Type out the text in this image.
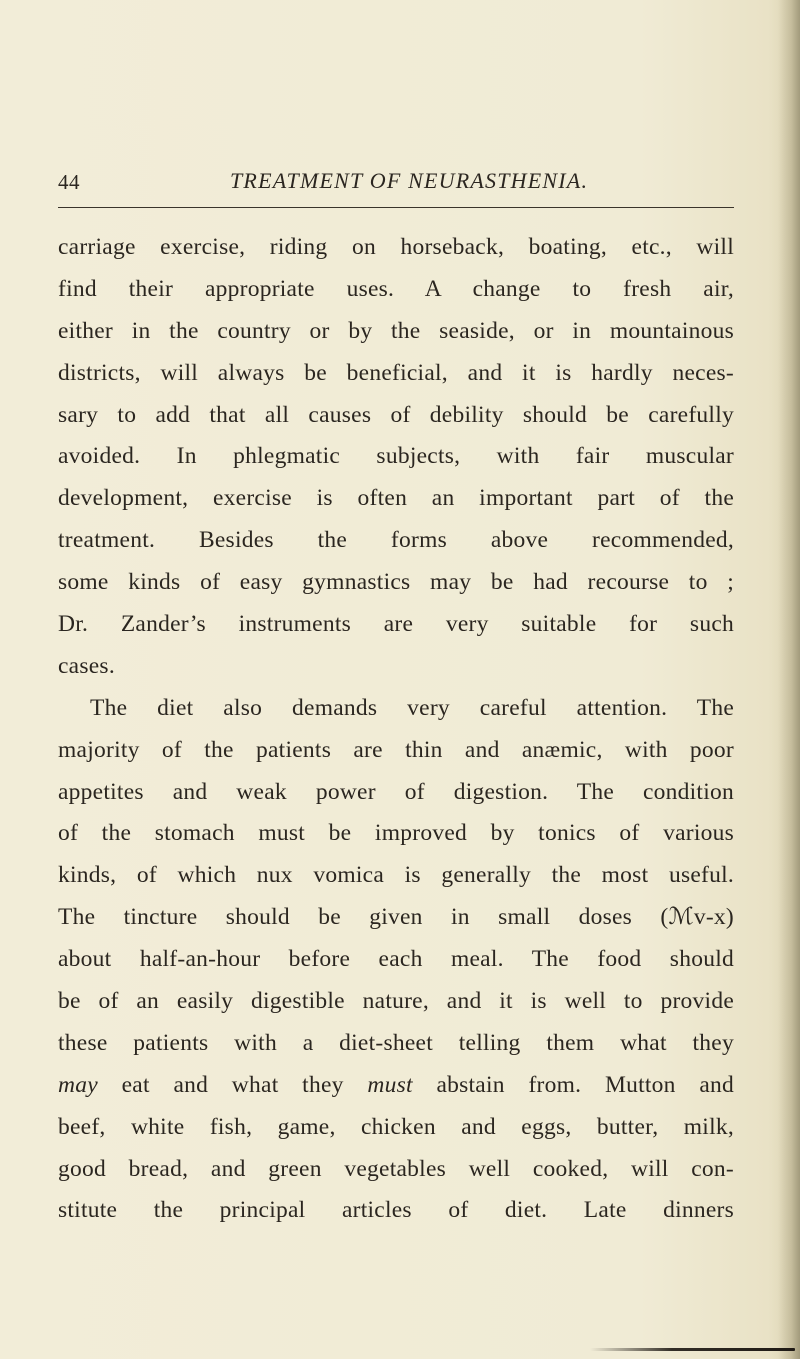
44	TREATMENT OF NEURASTHENIA.
carriage exercise, riding on horseback, boating, etc., will
find their appropriate uses. A change to fresh air,
either in the country or by the seaside, or in mountainous
districts, will always be beneficial, and it is hardly neces-
sary to add that all causes of debility should be carefully
avoided. In phlegmatic subjects, with fair muscular
development, exercise is often an important part of the
treatment. Besides the forms above recommended,
some kinds of easy gymnastics may be had recourse to ;
Dr. Zander’s instruments are very suitable for such
cases.
The diet also demands very careful attention. The
majority of the patients are thin and anæmic, with poor
appetites and weak power of digestion. The condition
of the stomach must be improved by tonics of various
kinds, of which nux vomica is generally the most useful.
The tincture should be given in small doses (ℳv-x)
about half-an-hour before each meal. The food should
be of an easily digestible nature, and it is well to provide
these patients with a diet-sheet telling them what they
may eat and what they must abstain from. Mutton and
beef, white fish, game, chicken and eggs, butter, milk,
good bread, and green vegetables well cooked, will con-
stitute the principal articles of diet. Late dinners
